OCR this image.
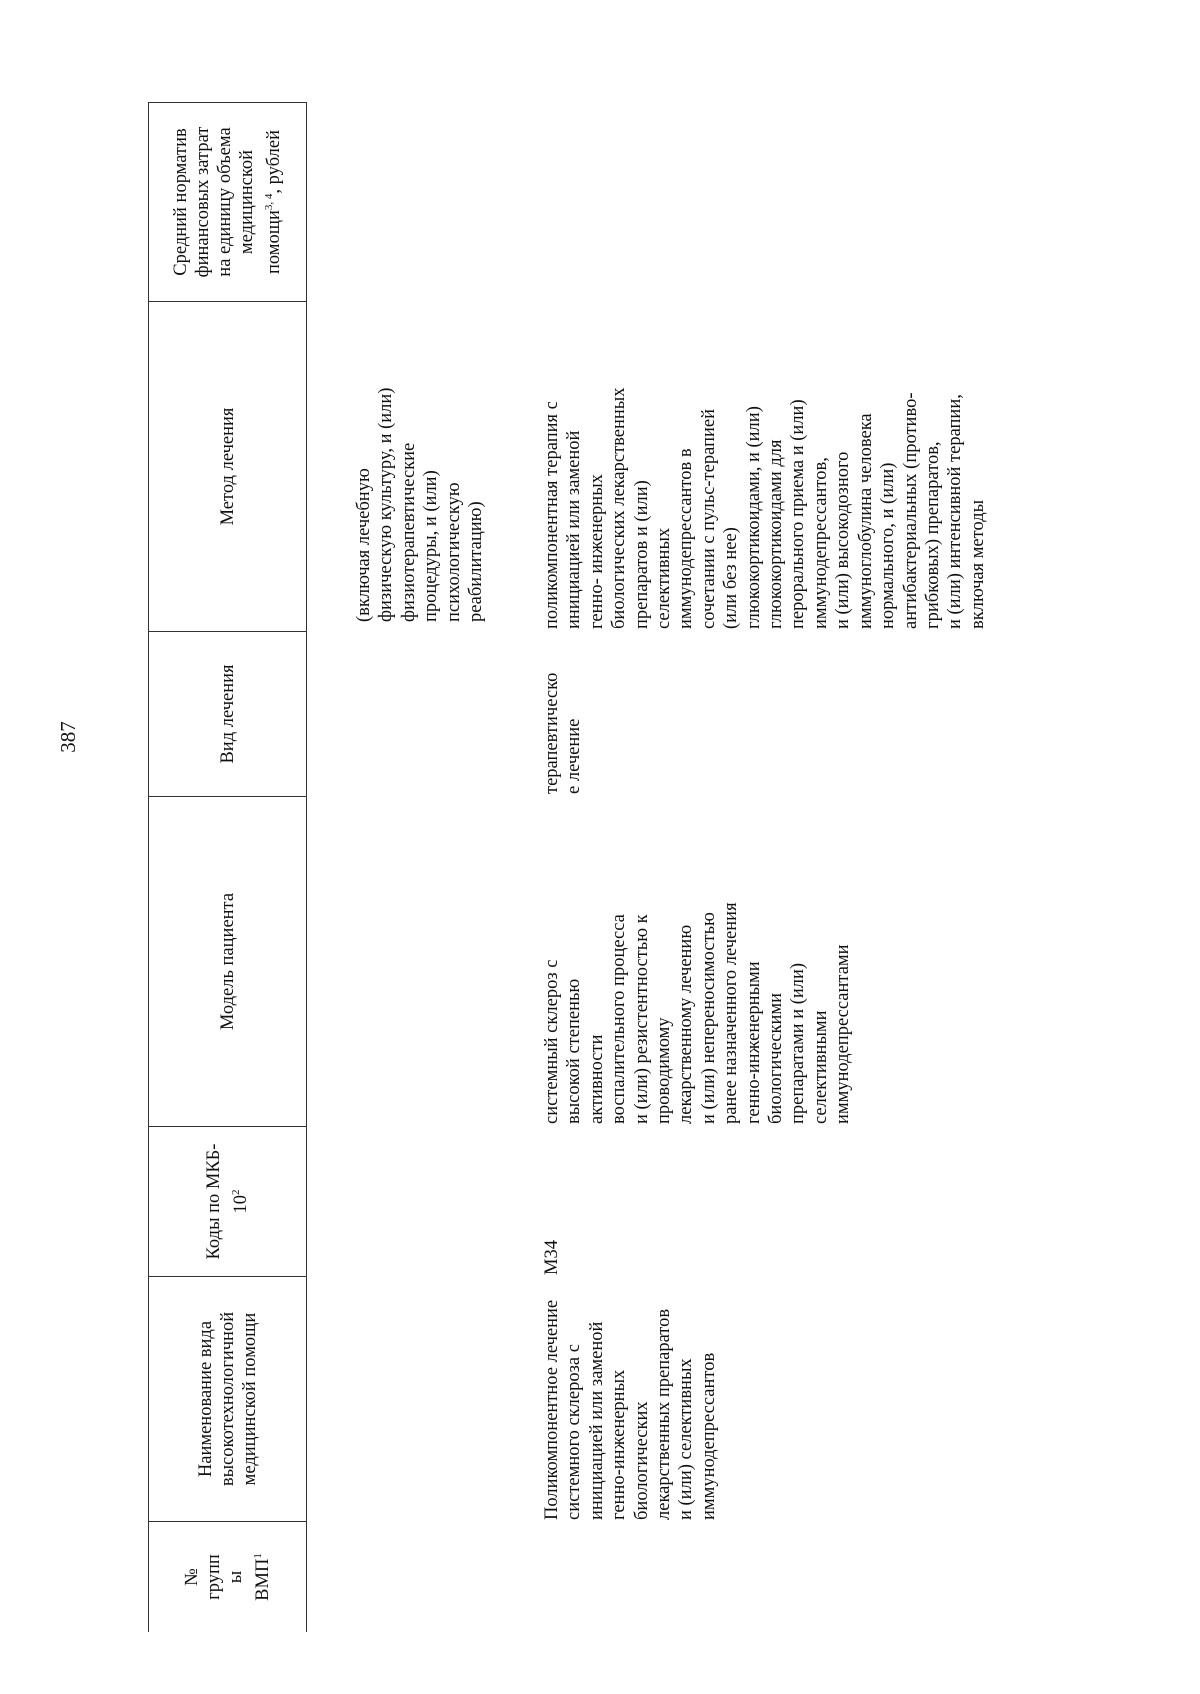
387
№
групп
ы
ВМП$^1$
Наименование вида
высокотехнологичной
медицинской помощи
Коды по МКБ-
$10^2$
Модель пациента
Вид лечения
Метод лечения
Средний норматив
финансовых затрат
на единицу объема
медицинской
помощи$^{3, 4}$, рублей
(включая лечебную
физическую культуру, и (или)
физиотерапевтические
процедуры, и (или)
психологическую
реабилитацию)
Поликомпонентное лечение
системного склероза с
инициацией или заменой
генно-инженерных
биологических
лекарственных препаратов
и (или) селективных
иммунодепрессантов
M34
системный склероз с
высокой степенью
активности
воспалительного процесса
и (или) резистентностью к
проводимому
лекарственному лечению
и (или) непереносимостью
ранее назначенного лечения
генно-инженерными
биологическими
препаратами и (или)
селективными
иммунодепрессантами
терапевтическо
е лечение
поликомпонентная терапия с
инициацией или заменой
генно- инженерных
биологических лекарственных
препаратов и (или)
селективных
иммунодепрессантов в
сочетании с пульс-терапией
(или без нее)
глюкокортикоидами, и (или)
глюкокортикоидами для
перорального приема и (или)
иммунодепрессантов,
и (или) высокодозного
иммуноглобулина человека
нормального, и (или)
антибактериальных (противо-
грибковых) препаратов,
и (или) интенсивной терапии,
включая методы
